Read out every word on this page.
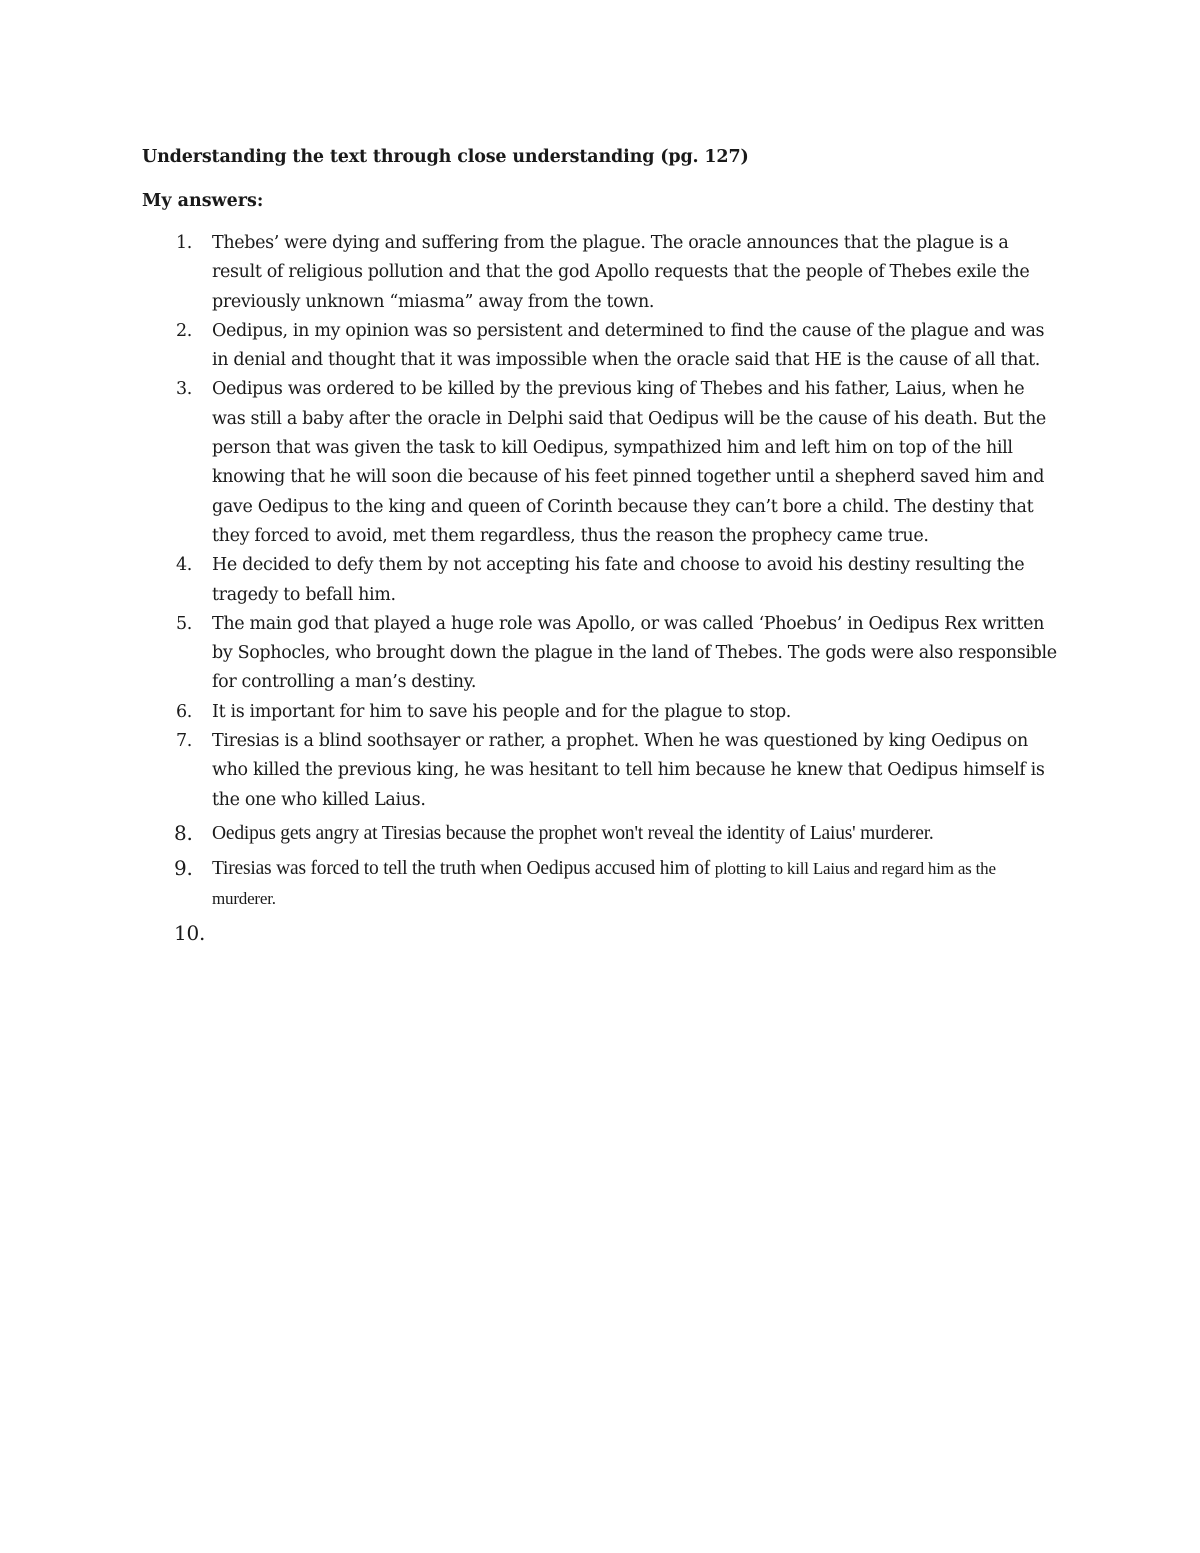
Understanding the text through close understanding (pg. 127)

My answers:

1. Thebes’ were dying and suffering from the plague. The oracle announces that the plague is a result of religious pollution and that the god Apollo requests that the people of Thebes exile the previously unknown “miasma” away from the town.
2. Oedipus, in my opinion was so persistent and determined to find the cause of the plague and was in denial and thought that it was impossible when the oracle said that HE is the cause of all that.
3. Oedipus was ordered to be killed by the previous king of Thebes and his father, Laius, when he was still a baby after the oracle in Delphi said that Oedipus will be the cause of his death. But the person that was given the task to kill Oedipus, sympathized him and left him on top of the hill knowing that he will soon die because of his feet pinned together until a shepherd saved him and gave Oedipus to the king and queen of Corinth because they can’t bore a child. The destiny that they forced to avoid, met them regardless, thus the reason the prophecy came true.
4. He decided to defy them by not accepting his fate and choose to avoid his destiny resulting the tragedy to befall him.
5. The main god that played a huge role was Apollo, or was called ‘Phoebus’ in Oedipus Rex written by Sophocles, who brought down the plague in the land of Thebes. The gods were also responsible for controlling a man’s destiny.
6. It is important for him to save his people and for the plague to stop.
7. Tiresias is a blind soothsayer or rather, a prophet. When he was questioned by king Oedipus on who killed the previous king, he was hesitant to tell him because he knew that Oedipus himself is the one who killed Laius.
8. Oedipus gets angry at Tiresias because the prophet won't reveal the identity of Laius' murderer.
9. Tiresias was forced to tell the truth when Oedipus accused him of plotting to kill Laius and regard him as the murderer.
10.
